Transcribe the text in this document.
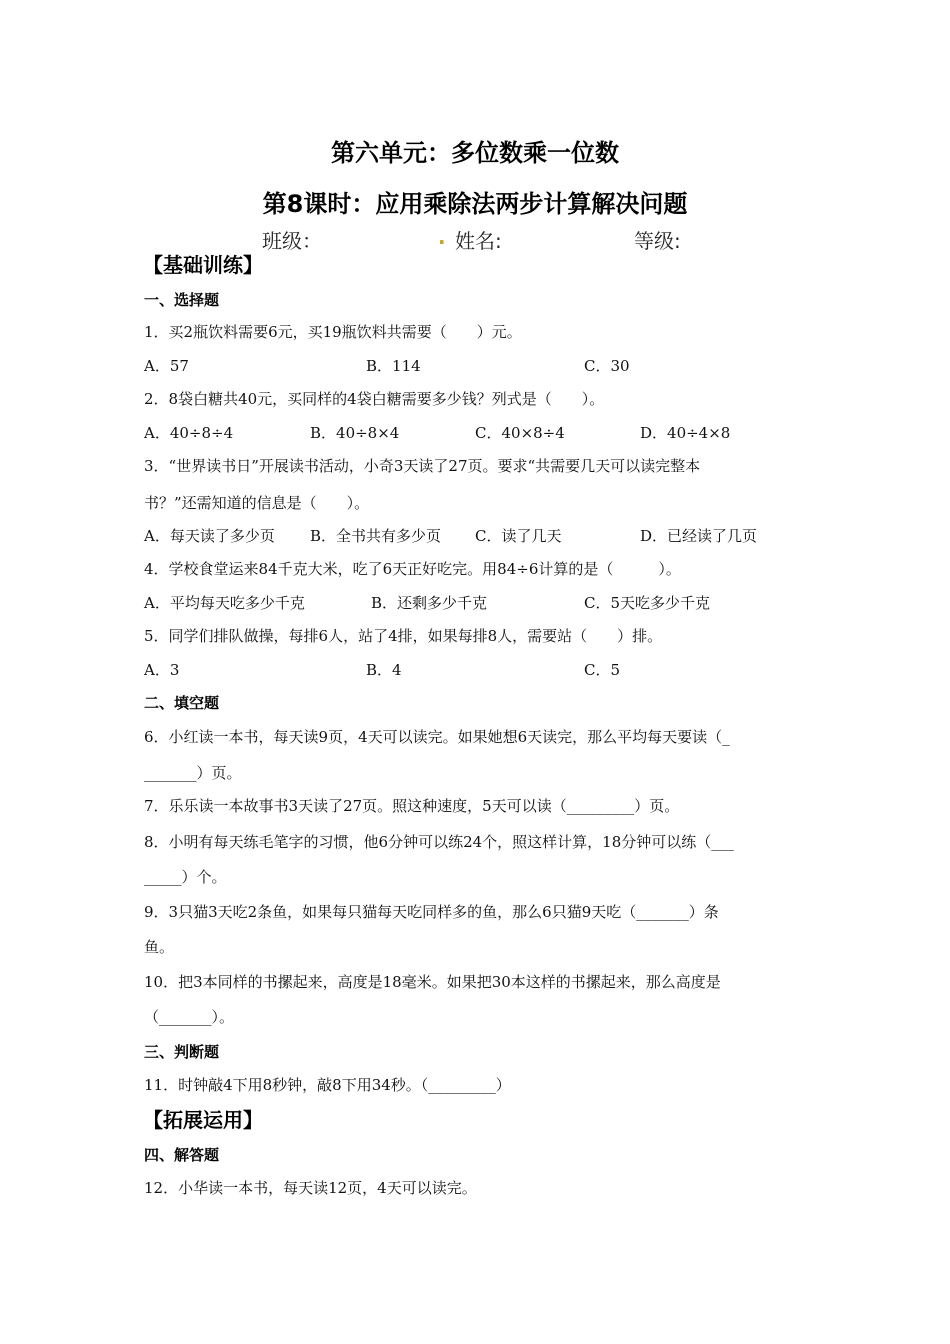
第六单元：多位数乘一位数
第8课时：应用乘除法两步计算解决问题
班级：	. 姓名:	等级:
【基础训练】
一、选择题
1．买2瓶饮料需要6元，买19瓶饮料共需要（　　）元。
A．57	B．114	C．30
2．8袋白糖共40元，买同样的4袋白糖需要多少钱？列式是（　　）。
A．40÷8÷4	B．40÷8×4	C．40×8÷4	D．40÷4×8
3．“世界读书日”开展读书活动，小奇3天读了27页。要求“共需要几天可以读完整本
书？”还需知道的信息是（　　）。
A．每天读了多少页 B．全书共有多少页 C．读了几天	D．已经读了几页
4．学校食堂运来84千克大米，吃了6天正好吃完。用84÷6计算的是（　　　）。
A．平均每天吃多少千克	B．还剩多少千克	C．5天吃多少千克
5．同学们排队做操，每排6人，站了4排，如果每排8人，需要站（　　）排。
A．3	B．4	C．5
二、填空题
6．小红读一本书，每天读9页，4天可以读完。如果她想6天读完，那么平均每天要读（_
_______）页。
7．乐乐读一本故事书3天读了27页。照这种速度，5天可以读（_________）页。
8．小明有每天练毛笔字的习惯，他6分钟可以练24个，照这样计算，18分钟可以练（___
_____）个。
9．3只猫3天吃2条鱼，如果每只猫每天吃同样多的鱼，那么6只猫9天吃（_______）条
鱼。
10．把3本同样的书摞起来，高度是18毫米。如果把30本这样的书摞起来，那么高度是
（_______）。
三、判断题
11．时钟敲4下用8秒钟，敲8下用34秒。（_________）
【拓展运用】
四、解答题
12．小华读一本书，每天读12页，4天可以读完。
